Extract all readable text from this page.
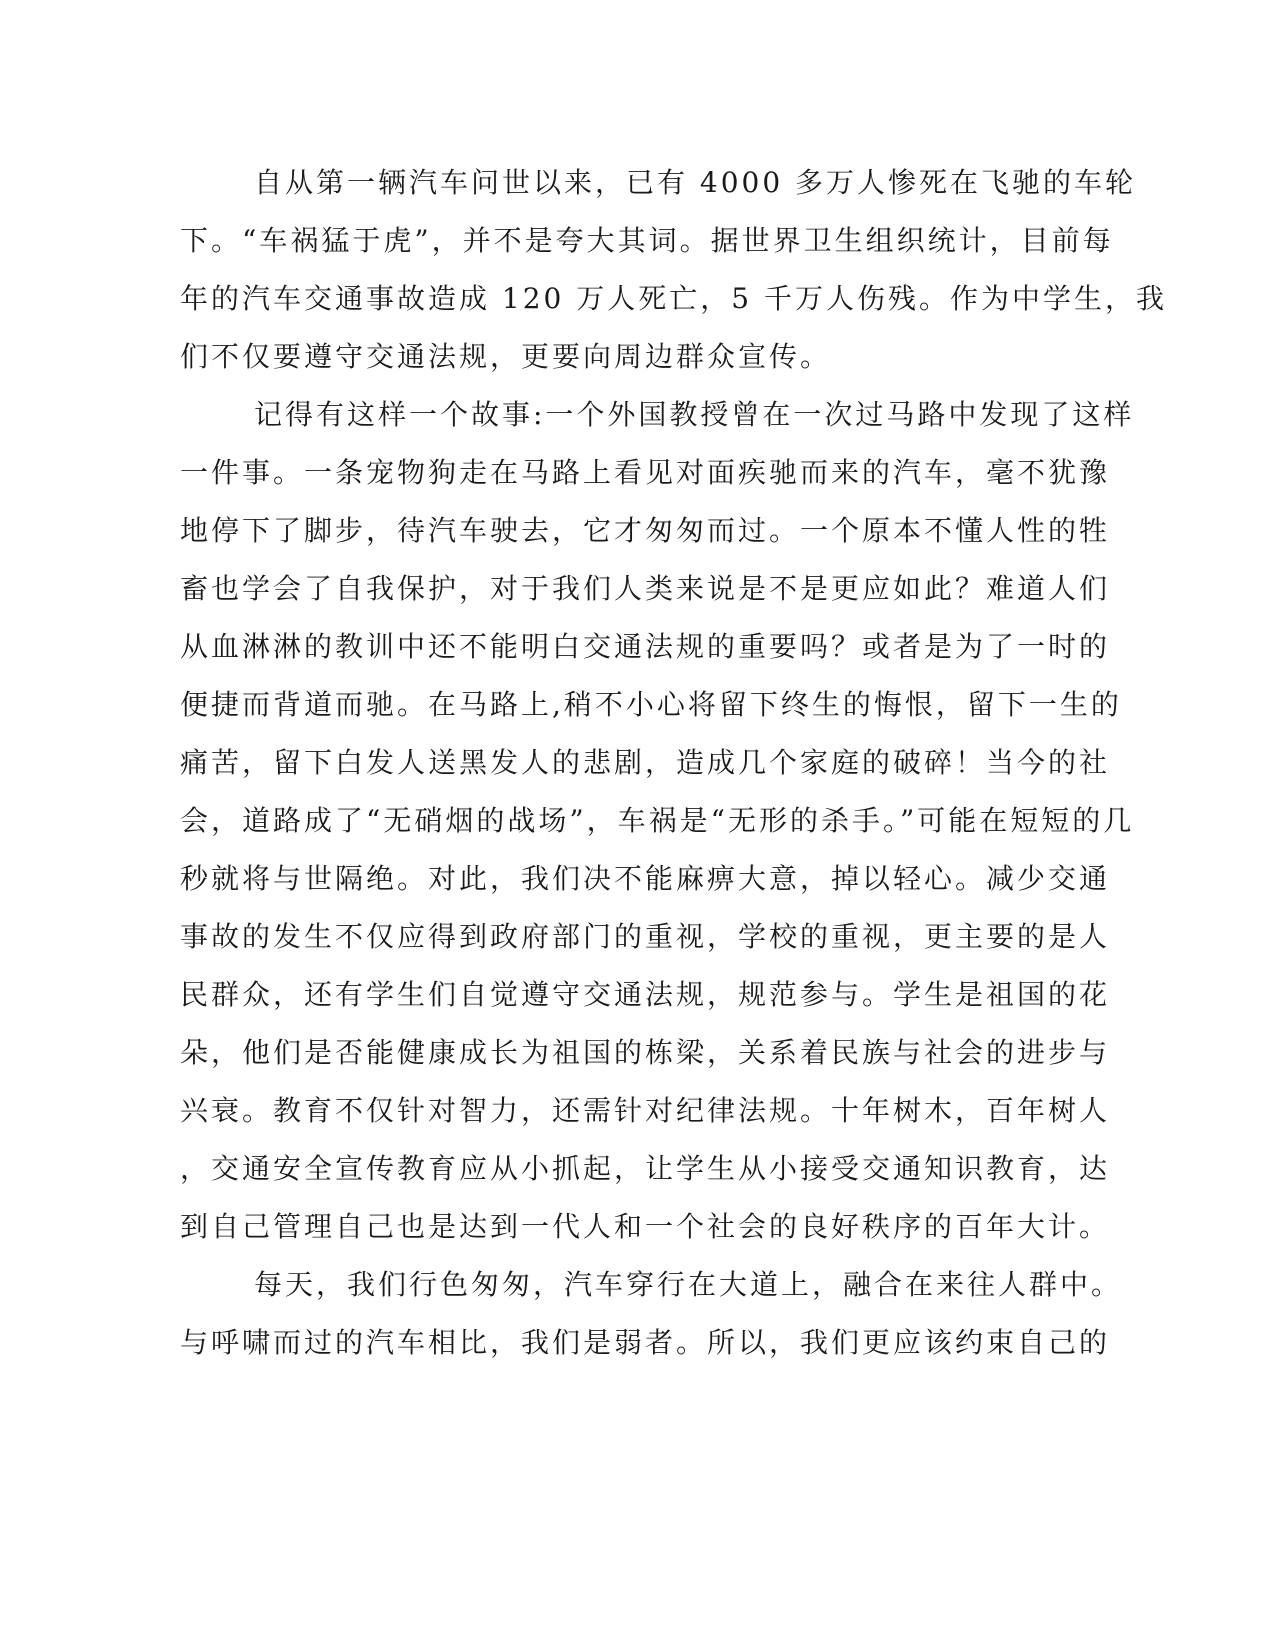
自从第一辆汽车问世以来，已有 4000 多万人惨死在飞驰的车轮
下。“车祸猛于虎”，并不是夸大其词。据世界卫生组织统计，目前每
年的汽车交通事故造成 120 万人死亡，5 千万人伤残。作为中学生，我
们不仅要遵守交通法规，更要向周边群众宣传。
记得有这样一个故事:一个外国教授曾在一次过马路中发现了这样
一件事。一条宠物狗走在马路上看见对面疾驰而来的汽车，毫不犹豫
地停下了脚步，待汽车驶去，它才匆匆而过。一个原本不懂人性的牲
畜也学会了自我保护，对于我们人类来说是不是更应如此？难道人们
从血淋淋的教训中还不能明白交通法规的重要吗？或者是为了一时的
便捷而背道而驰。在马路上,稍不小心将留下终生的悔恨，留下一生的
痛苦，留下白发人送黑发人的悲剧，造成几个家庭的破碎！当今的社
会，道路成了“无硝烟的战场”，车祸是“无形的杀手。”可能在短短的几
秒就将与世隔绝。对此，我们决不能麻痹大意，掉以轻心。减少交通
事故的发生不仅应得到政府部门的重视，学校的重视，更主要的是人
民群众，还有学生们自觉遵守交通法规，规范参与。学生是祖国的花
朵，他们是否能健康成长为祖国的栋梁，关系着民族与社会的进步与
兴衰。教育不仅针对智力，还需针对纪律法规。十年树木，百年树人
，交通安全宣传教育应从小抓起，让学生从小接受交通知识教育，达
到自己管理自己也是达到一代人和一个社会的良好秩序的百年大计。
每天，我们行色匆匆，汽车穿行在大道上，融合在来往人群中。
与呼啸而过的汽车相比，我们是弱者。所以，我们更应该约束自己的
